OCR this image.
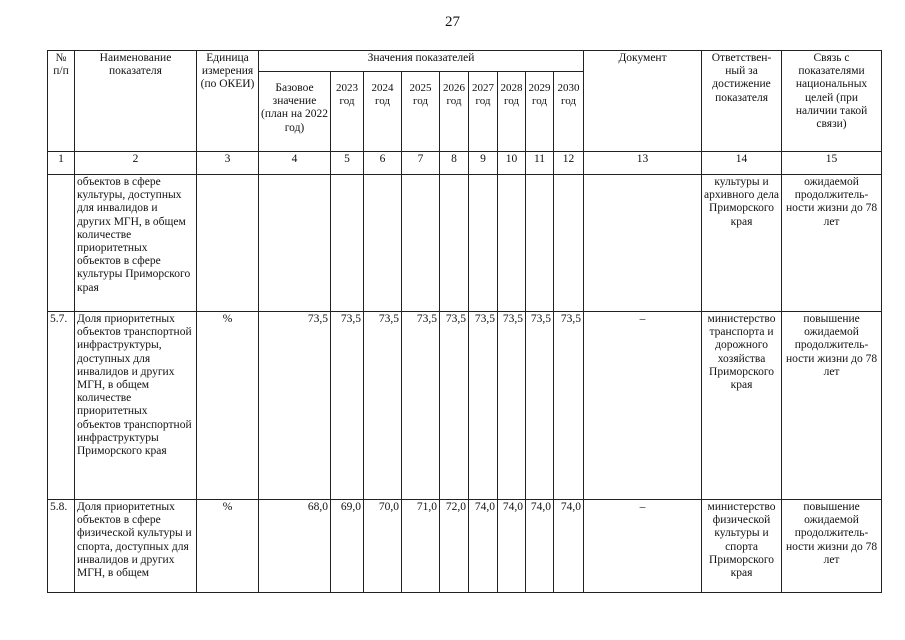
27
№ п/п	Наименование показателя	Единица измерения (по ОКЕИ)	Значения показателей									Документ	Ответствен-ный за достижение показателя	Связь с показателями национальных целей (при наличии такой связи)
			Базовое значение (план на 2022 год)	2023 год	2024 год	2025 год	2026 год	2027 год	2028 год	2029 год	2030 год			
1	2	3	4	5	6	7	8	9	10	11	12	13	14	15
	объектов в сфере культуры, доступных для инвалидов и других МГН, в общем количестве приоритетных объектов в сфере культуры Приморского края												культуры и архивного дела Приморского края	ожидаемой продолжитель-ности жизни до 78 лет
5.7.	Доля приоритетных объектов транспортной инфраструктуры, доступных для инвалидов и других МГН, в общем количестве приоритетных объектов транспортной инфраструктуры Приморского края	%	73,5	73,5	73,5	73,5	73,5	73,5	73,5	73,5	73,5	–	министерство транспорта и дорожного хозяйства Приморского края	повышение ожидаемой продолжитель-ности жизни до 78 лет
5.8.	Доля приоритетных объектов в сфере физической культуры и спорта, доступных для инвалидов и других МГН, в общем	%	68,0	69,0	70,0	71,0	72,0	74,0	74,0	74,0	74,0	–	министерство физической культуры и спорта Приморского края	повышение ожидаемой продолжитель-ности жизни до 78 лет
